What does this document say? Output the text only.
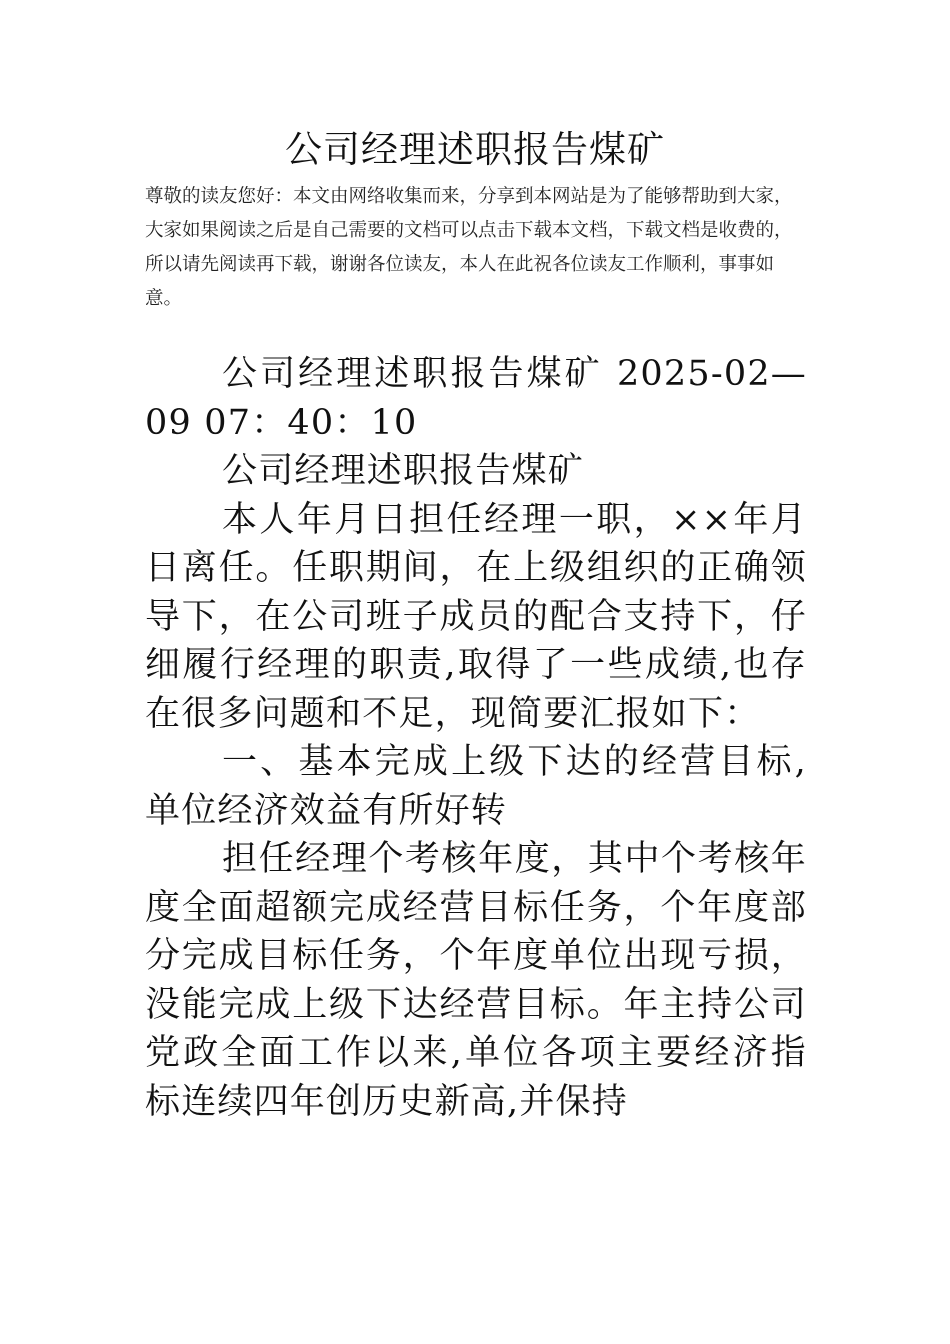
公司经理述职报告煤矿

尊敬的读友您好：本文由网络收集而来，分享到本网站是为了能够帮助到大家，大家如果阅读之后是自己需要的文档可以点击下载本文档，下载文档是收费的，所以请先阅读再下载，谢谢各位读友，本人在此祝各位读友工作顺利，事事如意。

公司经理述职报告煤矿 2025-02—09 07：40：10

公司经理述职报告煤矿

本人年月日担任经理一职，××年月日离任。任职期间，在上级组织的正确领导下，在公司班子成员的配合支持下，仔细履行经理的职责,取得了一些成绩,也存在很多问题和不足，现简要汇报如下：

一、基本完成上级下达的经营目标,单位经济效益有所好转

担任经理个考核年度，其中个考核年度全面超额完成经营目标任务，个年度部分完成目标任务，个年度单位出现亏损，没能完成上级下达经营目标。年主持公司党政全面工作以来,单位各项主要经济指标连续四年创历史新高,并保持
